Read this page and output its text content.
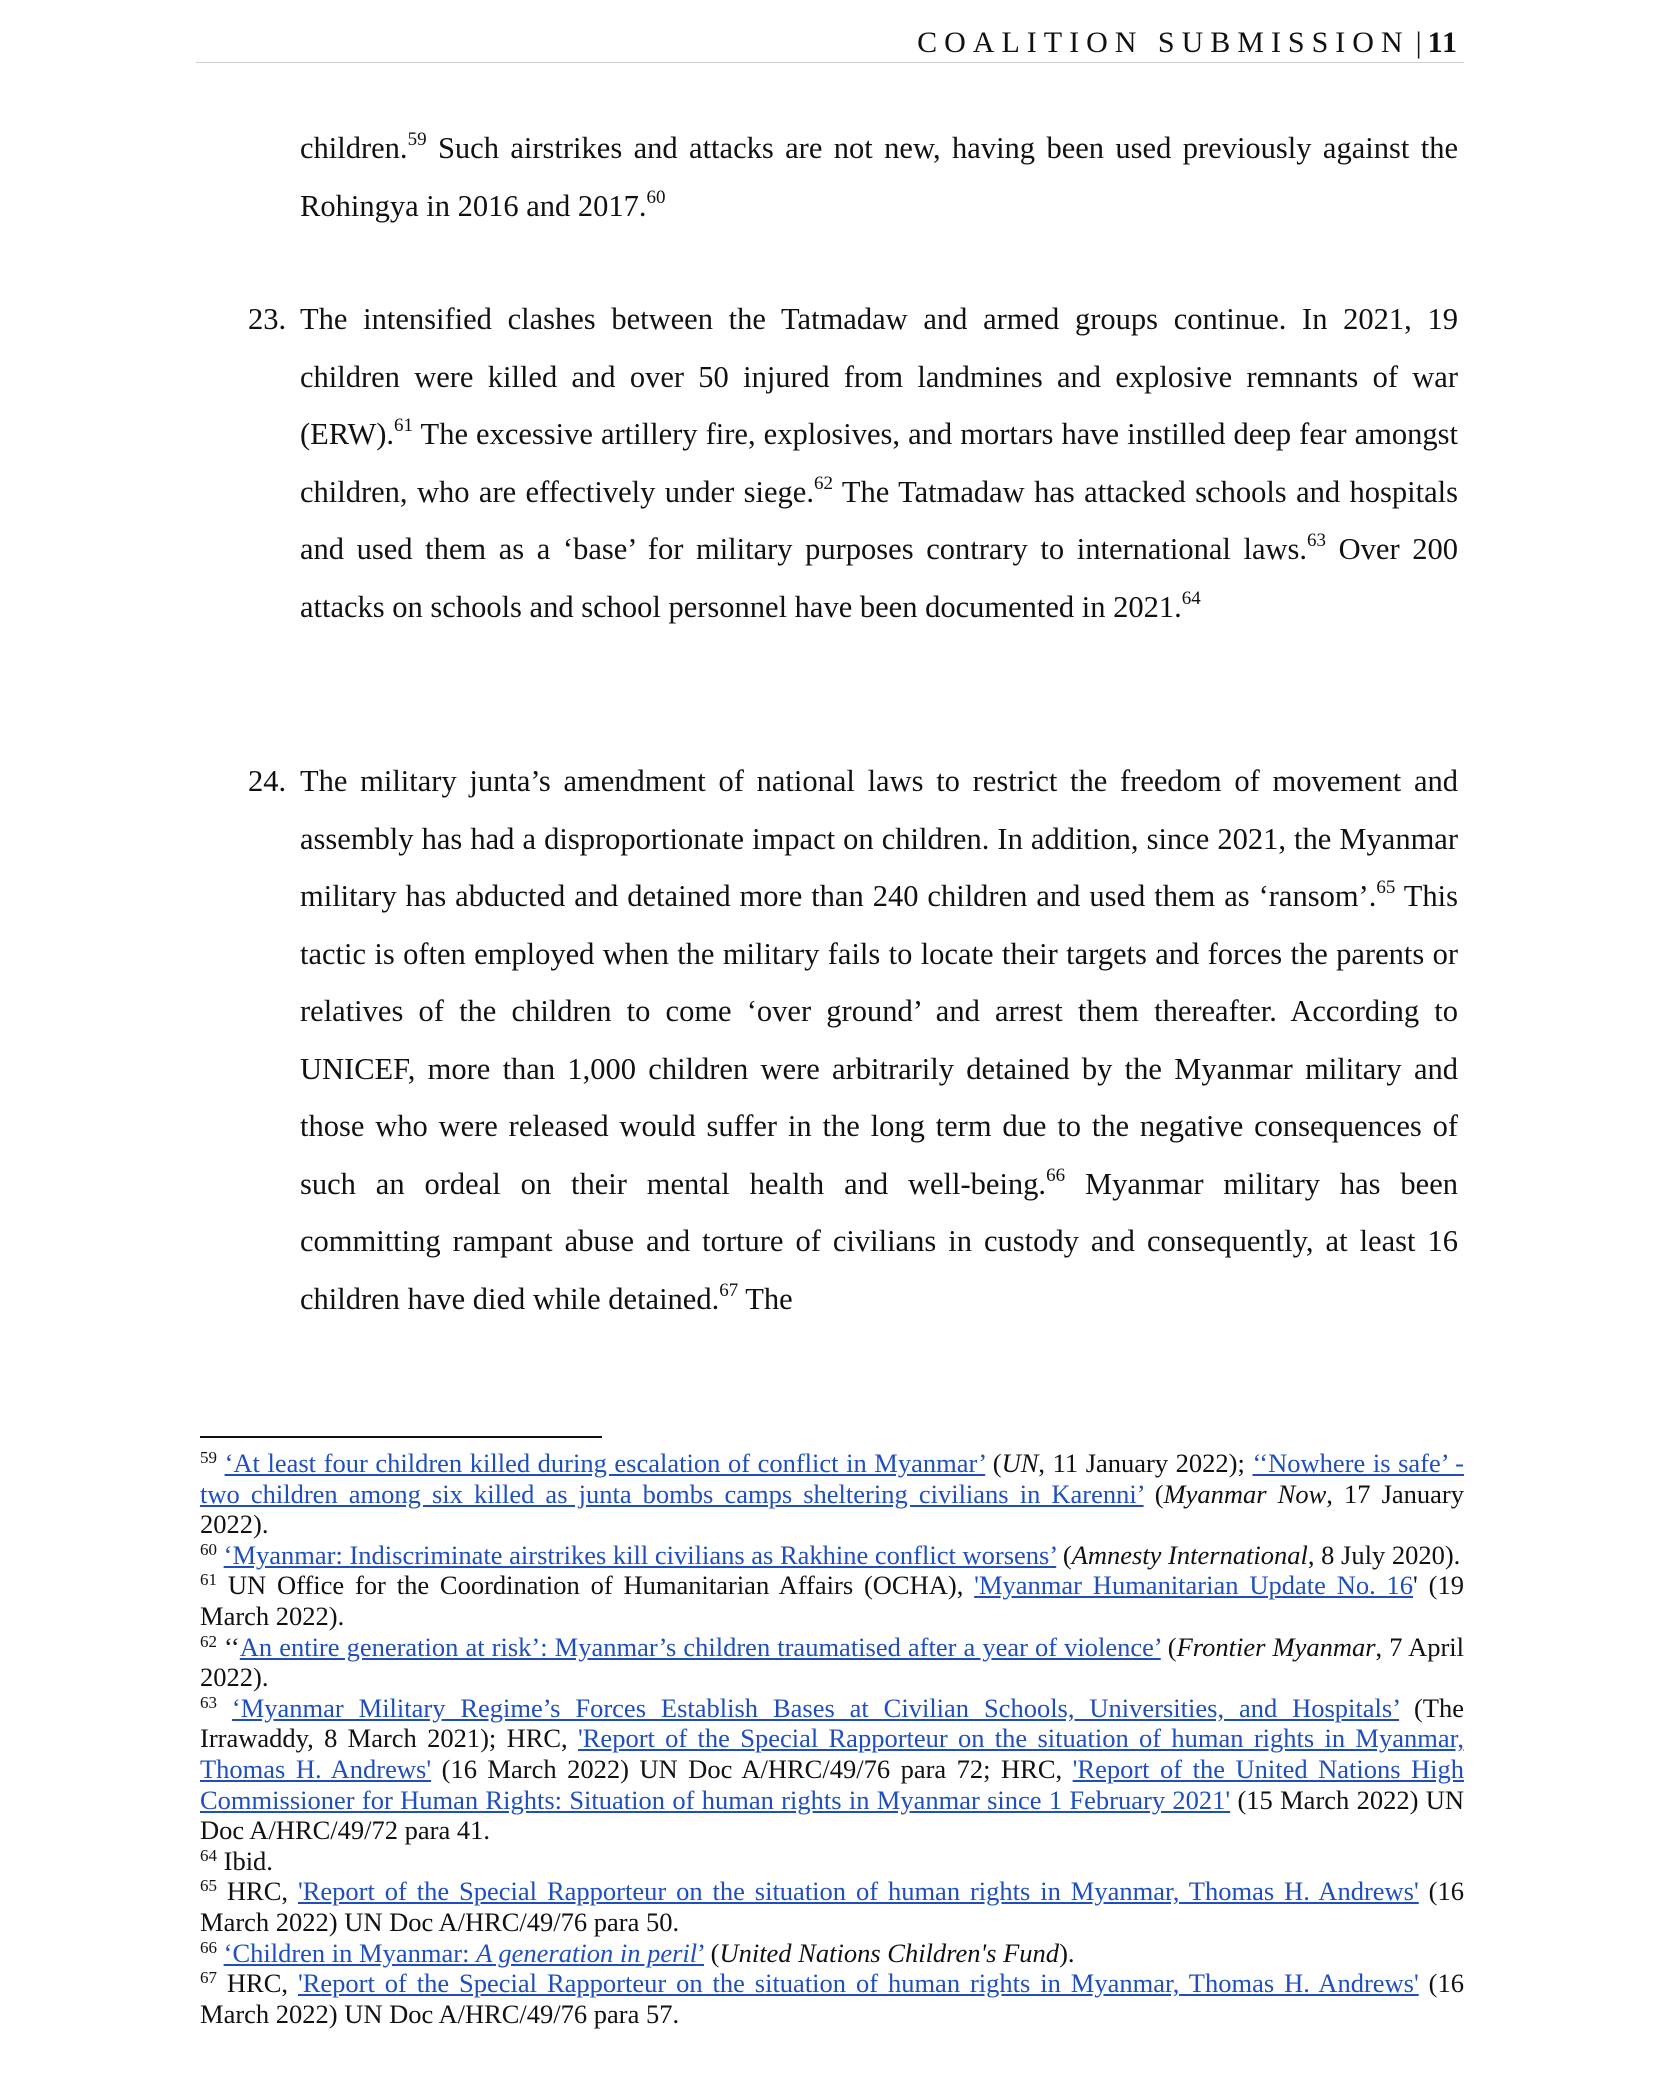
COALITION SUBMISSION | 11
children.$^{59}$ Such airstrikes and attacks are not new, having been used previously against the Rohingya in 2016 and 2017.60
23. The intensified clashes between the Tatmadaw and armed groups continue. In 2021, 19 children were killed and over 50 injured from landmines and explosive remnants of war (ERW).$^{61}$ The excessive artillery fire, explosives, and mortars have instilled deep fear amongst children, who are effectively under siege.$^{62}$ The Tatmadaw has attacked schools and hospitals and used them as a ‘base’ for military purposes contrary to international laws.$^{63}$ Over 200 attacks on schools and school personnel have been documented in 2021.64
24. The military junta’s amendment of national laws to restrict the freedom of movement and assembly has had a disproportionate impact on children. In addition, since 2021, the Myanmar military has abducted and detained more than 240 children and used them as ‘ransom’.$^{65}$ This tactic is often employed when the military fails to locate their targets and forces the parents or relatives of the children to come ‘over ground’ and arrest them thereafter. According to UNICEF, more than 1,000 children were arbitrarily detained by the Myanmar military and those who were released would suffer in the long term due to the negative consequences of such an ordeal on their mental health and well-being.$^{66}$ Myanmar military has been committing rampant abuse and torture of civilians in custody and consequently, at least 16 children have died while detained.$^{67}$ The
$^{59}$ ‘At least four children killed during escalation of conflict in Myanmar’ (UN, 11 January 2022); ‘‘Nowhere is safe’ - two children among six killed as junta bombs camps sheltering civilians in Karenni’ (Myanmar Now, 17 January 2022).
$^{60}$ ‘Myanmar: Indiscriminate airstrikes kill civilians as Rakhine conflict worsens’ (Amnesty International, 8 July 2020).
$^{61}$ UN Office for the Coordination of Humanitarian Affairs (OCHA), 'Myanmar Humanitarian Update No. 16' (19 March 2022).
$^{62}$ ‘‘An entire generation at risk’: Myanmar’s children traumatised after a year of violence’ (Frontier Myanmar, 7 April 2022).
$^{63}$ ‘Myanmar Military Regime’s Forces Establish Bases at Civilian Schools, Universities, and Hospitals’ (The Irrawaddy, 8 March 2021); HRC, 'Report of the Special Rapporteur on the situation of human rights in Myanmar, Thomas H. Andrews' (16 March 2022) UN Doc A/HRC/49/76 para 72; HRC, 'Report of the United Nations High Commissioner for Human Rights: Situation of human rights in Myanmar since 1 February 2021' (15 March 2022) UN Doc A/HRC/49/72 para 41.
$^{64}$ Ibid.
$^{65}$ HRC, 'Report of the Special Rapporteur on the situation of human rights in Myanmar, Thomas H. Andrews' (16 March 2022) UN Doc A/HRC/49/76 para 50.
$^{66}$ ‘Children in Myanmar: A generation in peril’ (United Nations Children's Fund).
$^{67}$ HRC, 'Report of the Special Rapporteur on the situation of human rights in Myanmar, Thomas H. Andrews' (16 March 2022) UN Doc A/HRC/49/76 para 57.
